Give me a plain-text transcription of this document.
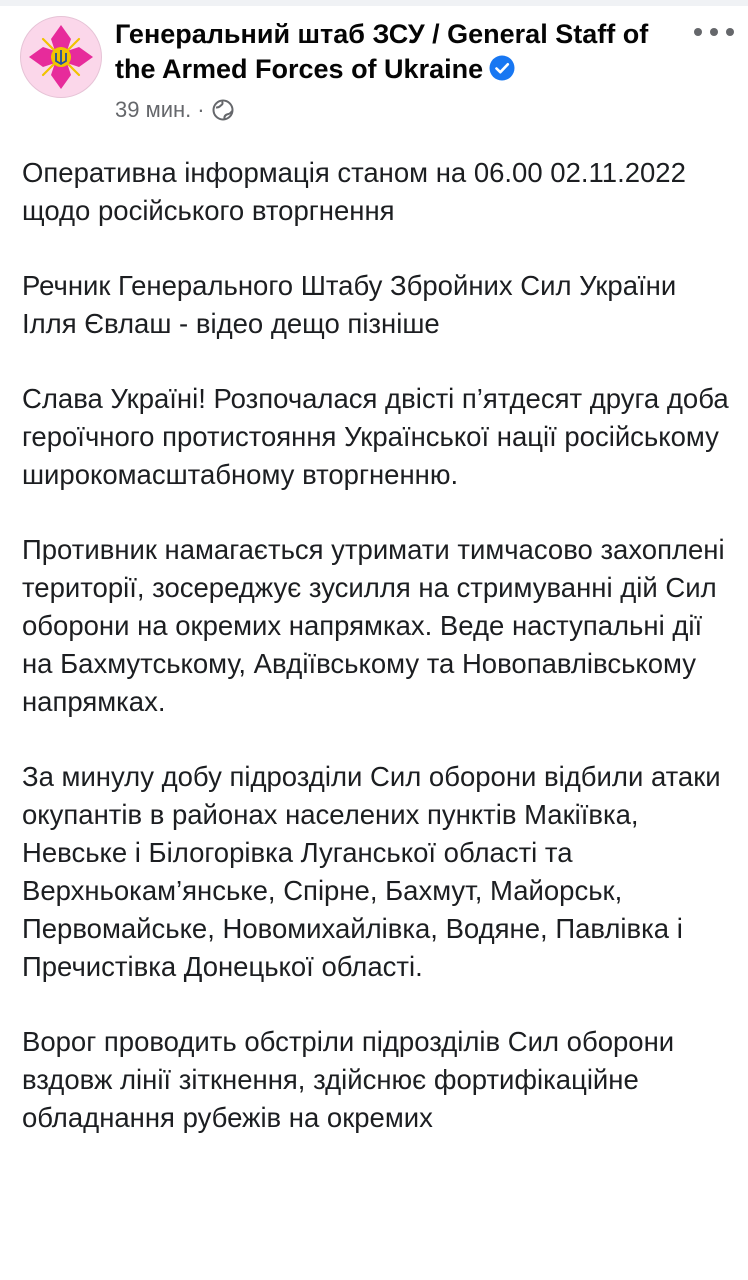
Генеральний штаб ЗСУ / General Staff of the Armed Forces of Ukraine
39 мин. ·

Оперативна інформація станом на 06.00 02.11.2022 щодо російського вторгнення

Речник Генерального Штабу Збройних Сил України Ілля Євлаш - відео дещо пізніше

Слава Україні! Розпочалася двісті п’ятдесят друга доба героїчного протистояння Української нації російському широкомасштабному вторгненню.

Противник намагається утримати тимчасово захоплені території, зосереджує зусилля на стримуванні дій Сил оборони на окремих напрямках. Веде наступальні дії на Бахмутському, Авдіївському та Новопавлівському напрямках.

За минулу добу підрозділи Сил оборони відбили атаки окупантів в районах населених пунктів Макіївка, Невське і Білогорівка Луганської області та Верхньокам’янське, Спірне, Бахмут, Майорськ, Первомайське, Новомихайлівка, Водяне, Павлівка і Пречистівка Донецької області.

Ворог проводить обстріли підрозділів Сил оборони вздовж лінії зіткнення, здійснює фортифікаційне обладнання рубежів на окремих
